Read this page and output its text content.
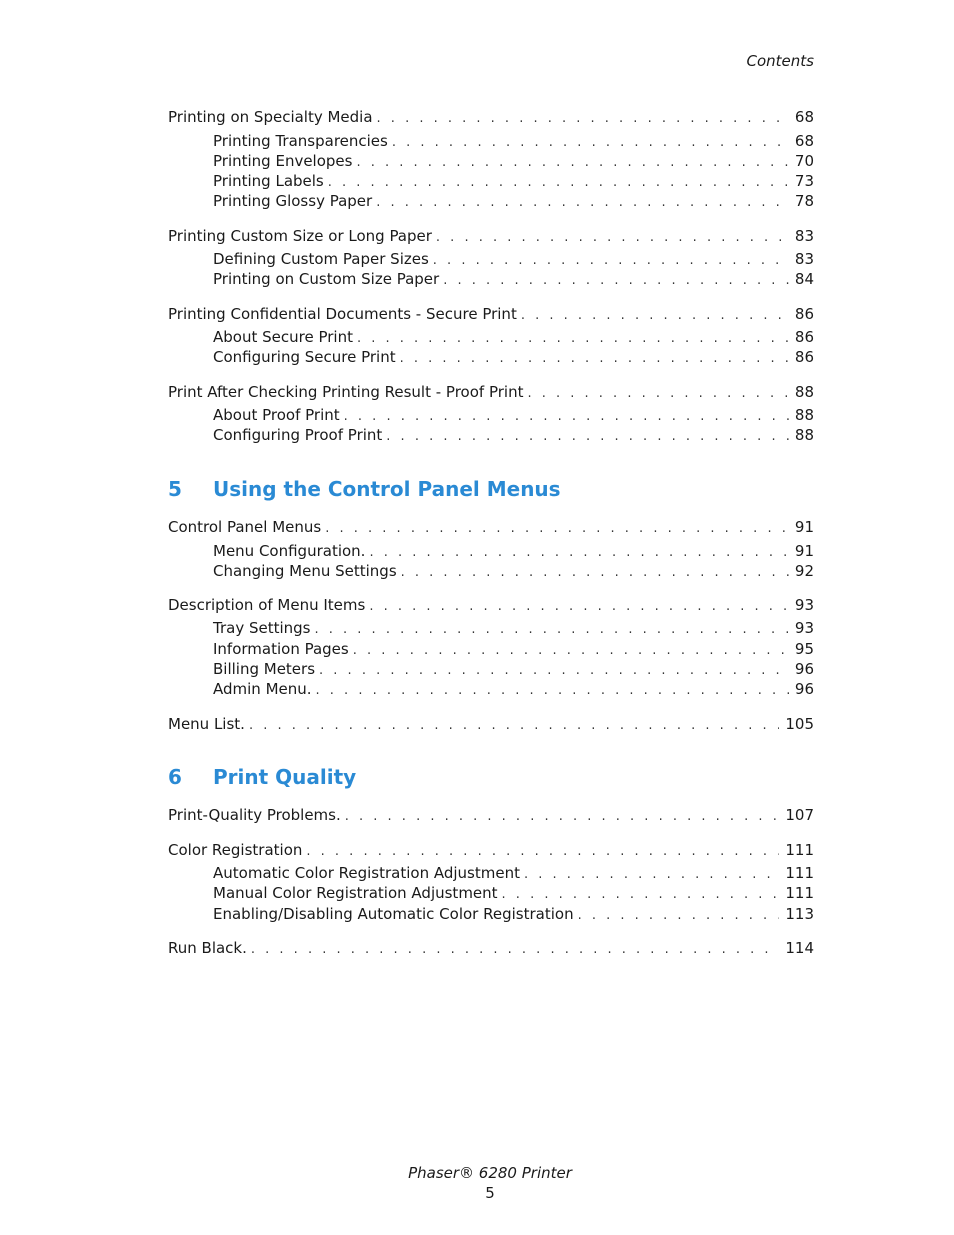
Contents
Printing on Specialty Media . . .	68
Printing Transparencies . . .	68
Printing Envelopes . . .	70
Printing Labels . . .	73
Printing Glossy Paper . . .	78
Printing Custom Size or Long Paper . . .	83
Defining Custom Paper Sizes . . .	83
Printing on Custom Size Paper . . .	84
Printing Confidential Documents - Secure Print . . .	86
About Secure Print . . .	86
Configuring Secure Print . . .	86
Print After Checking Printing Result - Proof Print . . .	88
About Proof Print . . .	88
Configuring Proof Print . . .	88
5 Using the Control Panel Menus
Control Panel Menus . . .	91
Menu Configuration. . . .	91
Changing Menu Settings . . .	92
Description of Menu Items . . .	93
Tray Settings . . .	93
Information Pages . . .	95
Billing Meters . . .	96
Admin Menu. . . .	96
Menu List. . . .	105
6 Print Quality
Print-Quality Problems. . . .	107
Color Registration . . .	111
Automatic Color Registration Adjustment . . .	111
Manual Color Registration Adjustment . . .	111
Enabling/Disabling Automatic Color Registration . . .	113
Run Black. . . .	114
Phaser® 6280 Printer
5
